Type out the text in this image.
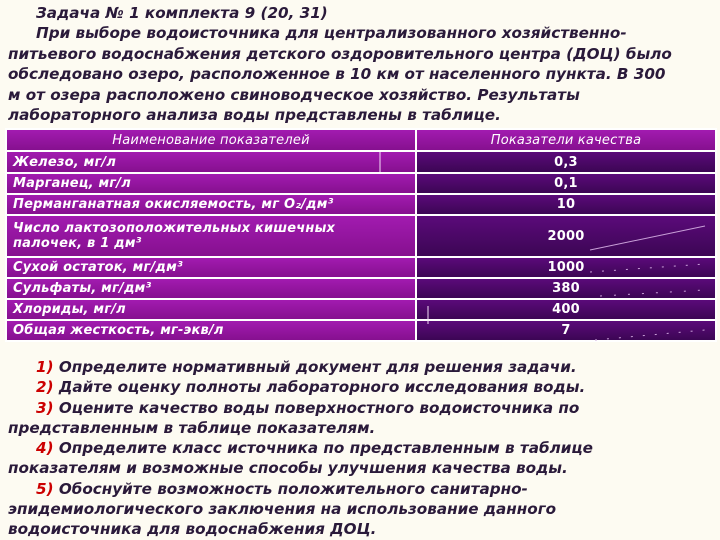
Задача № 1 комплекта 9 (20, 31)
При выборе водоисточника для централизованного хозяйственно-
питьевого водоснабжения детского оздоровительного центра (ДОЦ) было
обследовано озеро, расположенное в 10 км от населенного пункта. В 300
м от озера расположено свиноводческое хозяйство. Результаты
лабораторного анализа воды представлены в таблице.
Наименование показателей	Показатели качества
Железо, мг/л	0,3
Марганец, мг/л	0,1
Перманганатная окисляемость, мг O₂/дм³	10
Число лактозоположительных кишечных палочек, в 1 дм³	2000
Сухой остаток, мг/дм³	1000
Сульфаты, мг/дм³	380
Хлориды, мг/л	400
Общая жесткость, мг-экв/л	7
1) Определите нормативный документ для решения задачи.
2) Дайте оценку полноты лабораторного исследования воды.
3) Оцените качество воды поверхностного водоисточника по
представленным в таблице показателям.
4) Определите класс источника по представленным в таблице
показателям и возможные способы улучшения качества воды.
5) Обоснуйте возможность положительного санитарно-
эпидемиологического заключения на использование данного
водоисточника для водоснабжения ДОЦ.
